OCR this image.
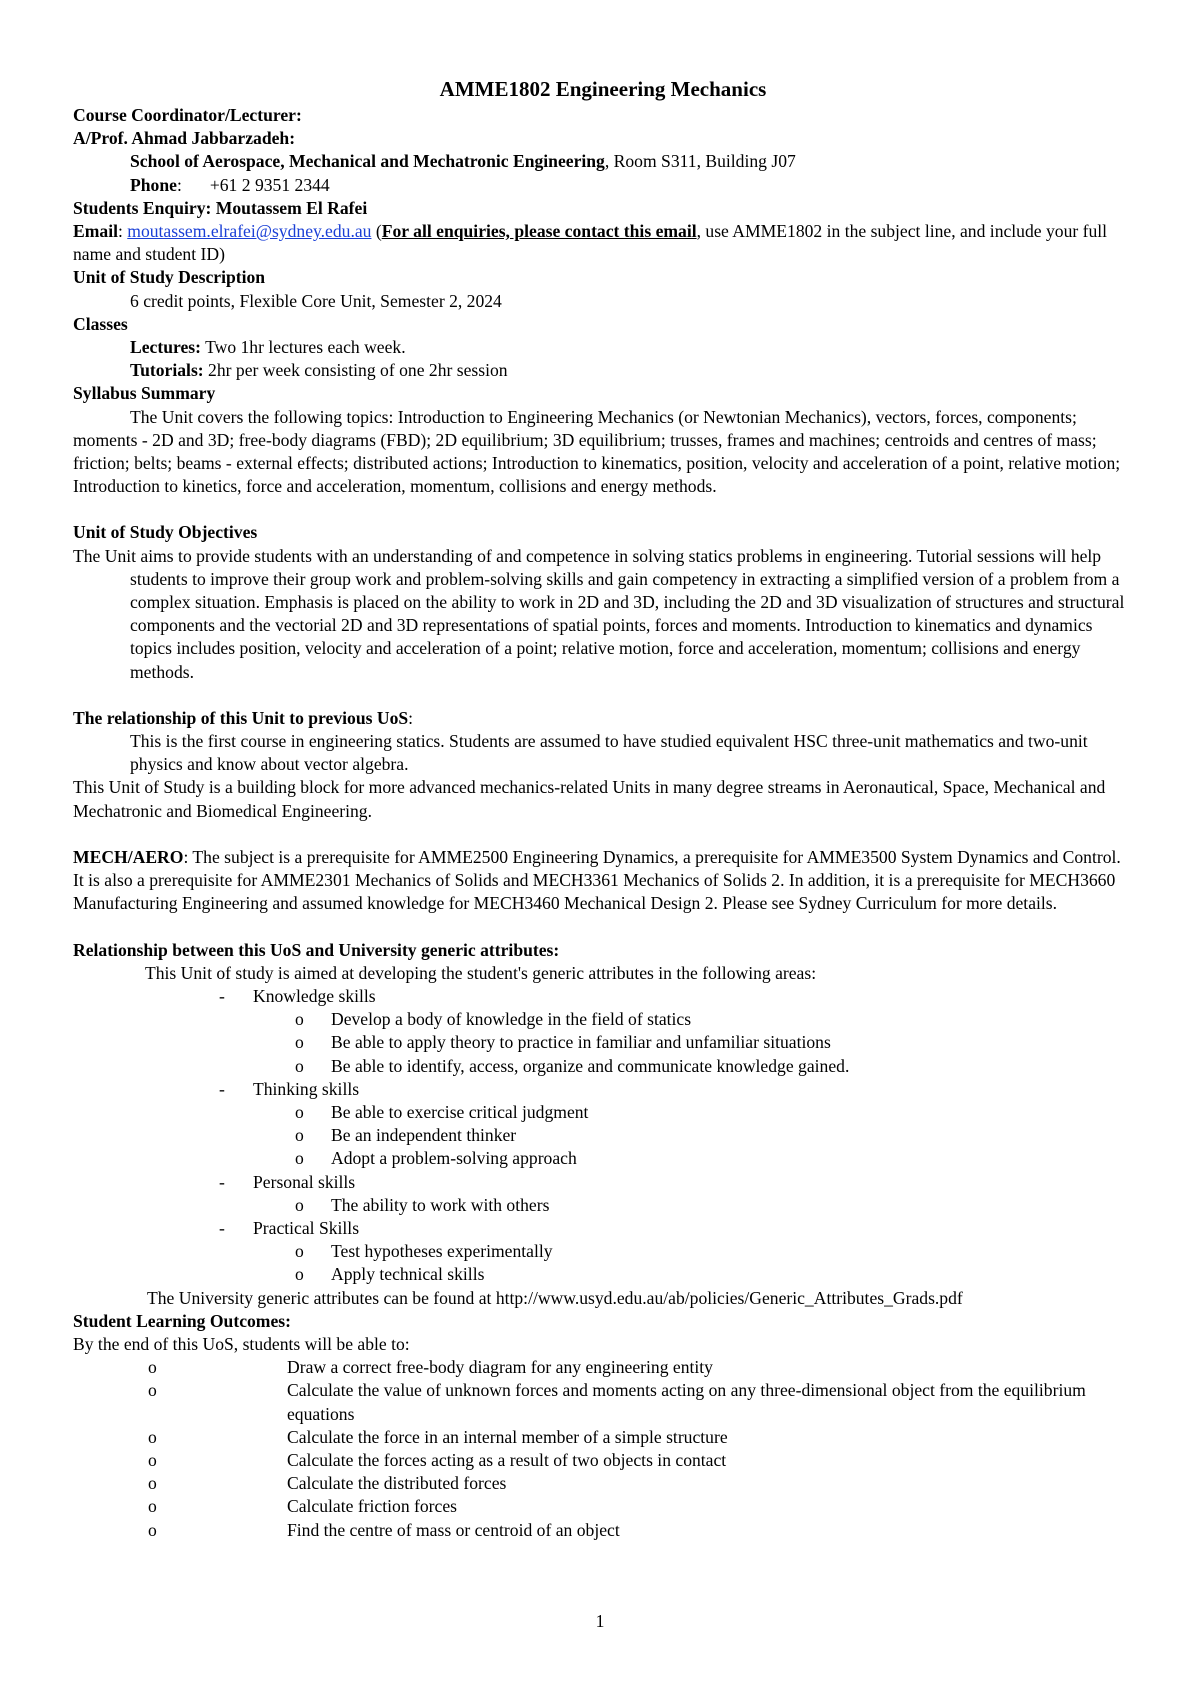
AMME1802 Engineering Mechanics
Course Coordinator/Lecturer:
A/Prof. Ahmad Jabbarzadeh:
School of Aerospace, Mechanical and Mechatronic Engineering, Room S311, Building J07
Phone: +61 2 9351 2344
Students Enquiry: Moutassem El Rafei
Email: moutassem.elrafei@sydney.edu.au (For all enquiries, please contact this email, use AMME1802 in the subject line, and include your full name and student ID)
Unit of Study Description
6 credit points, Flexible Core Unit, Semester 2, 2024
Classes
Lectures: Two 1hr lectures each week.
Tutorials: 2hr per week consisting of one 2hr session
Syllabus Summary
The Unit covers the following topics: Introduction to Engineering Mechanics (or Newtonian Mechanics), vectors, forces, components; moments - 2D and 3D; free-body diagrams (FBD); 2D equilibrium; 3D equilibrium; trusses, frames and machines; centroids and centres of mass; friction; belts; beams - external effects; distributed actions; Introduction to kinematics, position, velocity and acceleration of a point, relative motion; Introduction to kinetics, force and acceleration, momentum, collisions and energy methods.
Unit of Study Objectives
The Unit aims to provide students with an understanding of and competence in solving statics problems in engineering. Tutorial sessions will help students to improve their group work and problem-solving skills and gain competency in extracting a simplified version of a problem from a complex situation. Emphasis is placed on the ability to work in 2D and 3D, including the 2D and 3D visualization of structures and structural components and the vectorial 2D and 3D representations of spatial points, forces and moments. Introduction to kinematics and dynamics topics includes position, velocity and acceleration of a point; relative motion, force and acceleration, momentum; collisions and energy methods.
The relationship of this Unit to previous UoS:
This is the first course in engineering statics. Students are assumed to have studied equivalent HSC three-unit mathematics and two-unit physics and know about vector algebra.
This Unit of Study is a building block for more advanced mechanics-related Units in many degree streams in Aeronautical, Space, Mechanical and Mechatronic and Biomedical Engineering.
MECH/AERO: The subject is a prerequisite for AMME2500 Engineering Dynamics, a prerequisite for AMME3500 System Dynamics and Control. It is also a prerequisite for AMME2301 Mechanics of Solids and MECH3361 Mechanics of Solids 2. In addition, it is a prerequisite for MECH3660 Manufacturing Engineering and assumed knowledge for MECH3460 Mechanical Design 2. Please see Sydney Curriculum for more details.
Relationship between this UoS and University generic attributes:
This Unit of study is aimed at developing the student's generic attributes in the following areas:
-	Knowledge skills
o	Develop a body of knowledge in the field of statics
o	Be able to apply theory to practice in familiar and unfamiliar situations
o	Be able to identify, access, organize and communicate knowledge gained.
-	Thinking skills
o	Be able to exercise critical judgment
o	Be an independent thinker
o	Adopt a problem-solving approach
-	Personal skills
o	The ability to work with others
-	Practical Skills
o	Test hypotheses experimentally
o	Apply technical skills
The University generic attributes can be found at http://www.usyd.edu.au/ab/policies/Generic_Attributes_Grads.pdf
Student Learning Outcomes:
By the end of this UoS, students will be able to:
o	Draw a correct free-body diagram for any engineering entity
o	Calculate the value of unknown forces and moments acting on any three-dimensional object from the equilibrium equations
o	Calculate the force in an internal member of a simple structure
o	Calculate the forces acting as a result of two objects in contact
o	Calculate the distributed forces
o	Calculate friction forces
o	Find the centre of mass or centroid of an object
1
